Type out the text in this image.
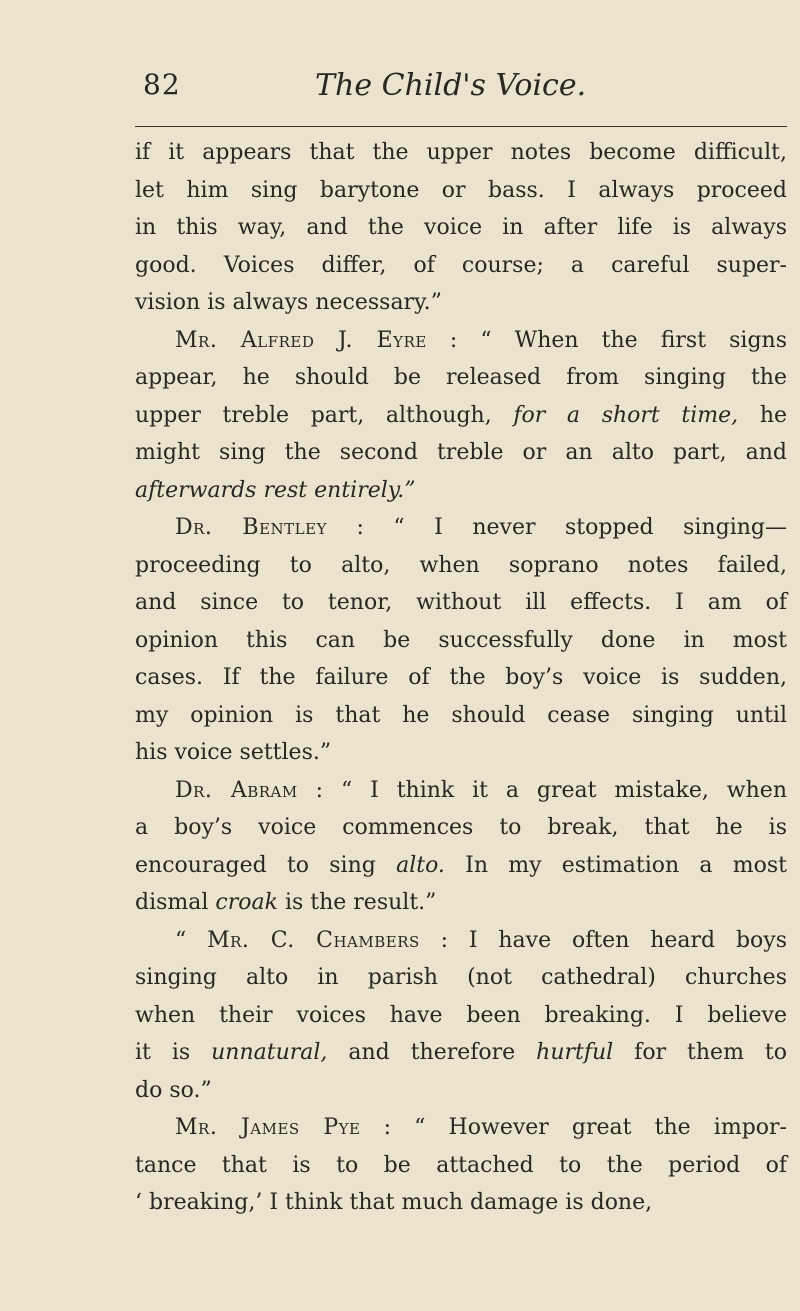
82	The Child's Voice.
if it appears that the upper notes become difficult,
let him sing barytone or bass. I always proceed
in this way, and the voice in after life is always
good. Voices differ, of course; a careful super-
vision is always necessary.”
Mr. Alfred J. Eyre : “ When the first signs
appear, he should be released from singing the
upper treble part, although, for a short time, he
might sing the second treble or an alto part, and
afterwards rest entirely.”
Dr. Bentley : “ I never stopped singing—
proceeding to alto, when soprano notes failed,
and since to tenor, without ill effects. I am of
opinion this can be successfully done in most
cases. If the failure of the boy’s voice is sudden,
my opinion is that he should cease singing until
his voice settles.”
Dr. Abram : “ I think it a great mistake, when
a boy’s voice commences to break, that he is
encouraged to sing alto. In my estimation a most
dismal croak is the result.”
“ Mr. C. Chambers : I have often heard boys
singing alto in parish (not cathedral) churches
when their voices have been breaking. I believe
it is unnatural, and therefore hurtful for them to
do so.”
Mr. James Pye : “ However great the impor-
tance that is to be attached to the period of
‘ breaking,’ I think that much damage is done,
